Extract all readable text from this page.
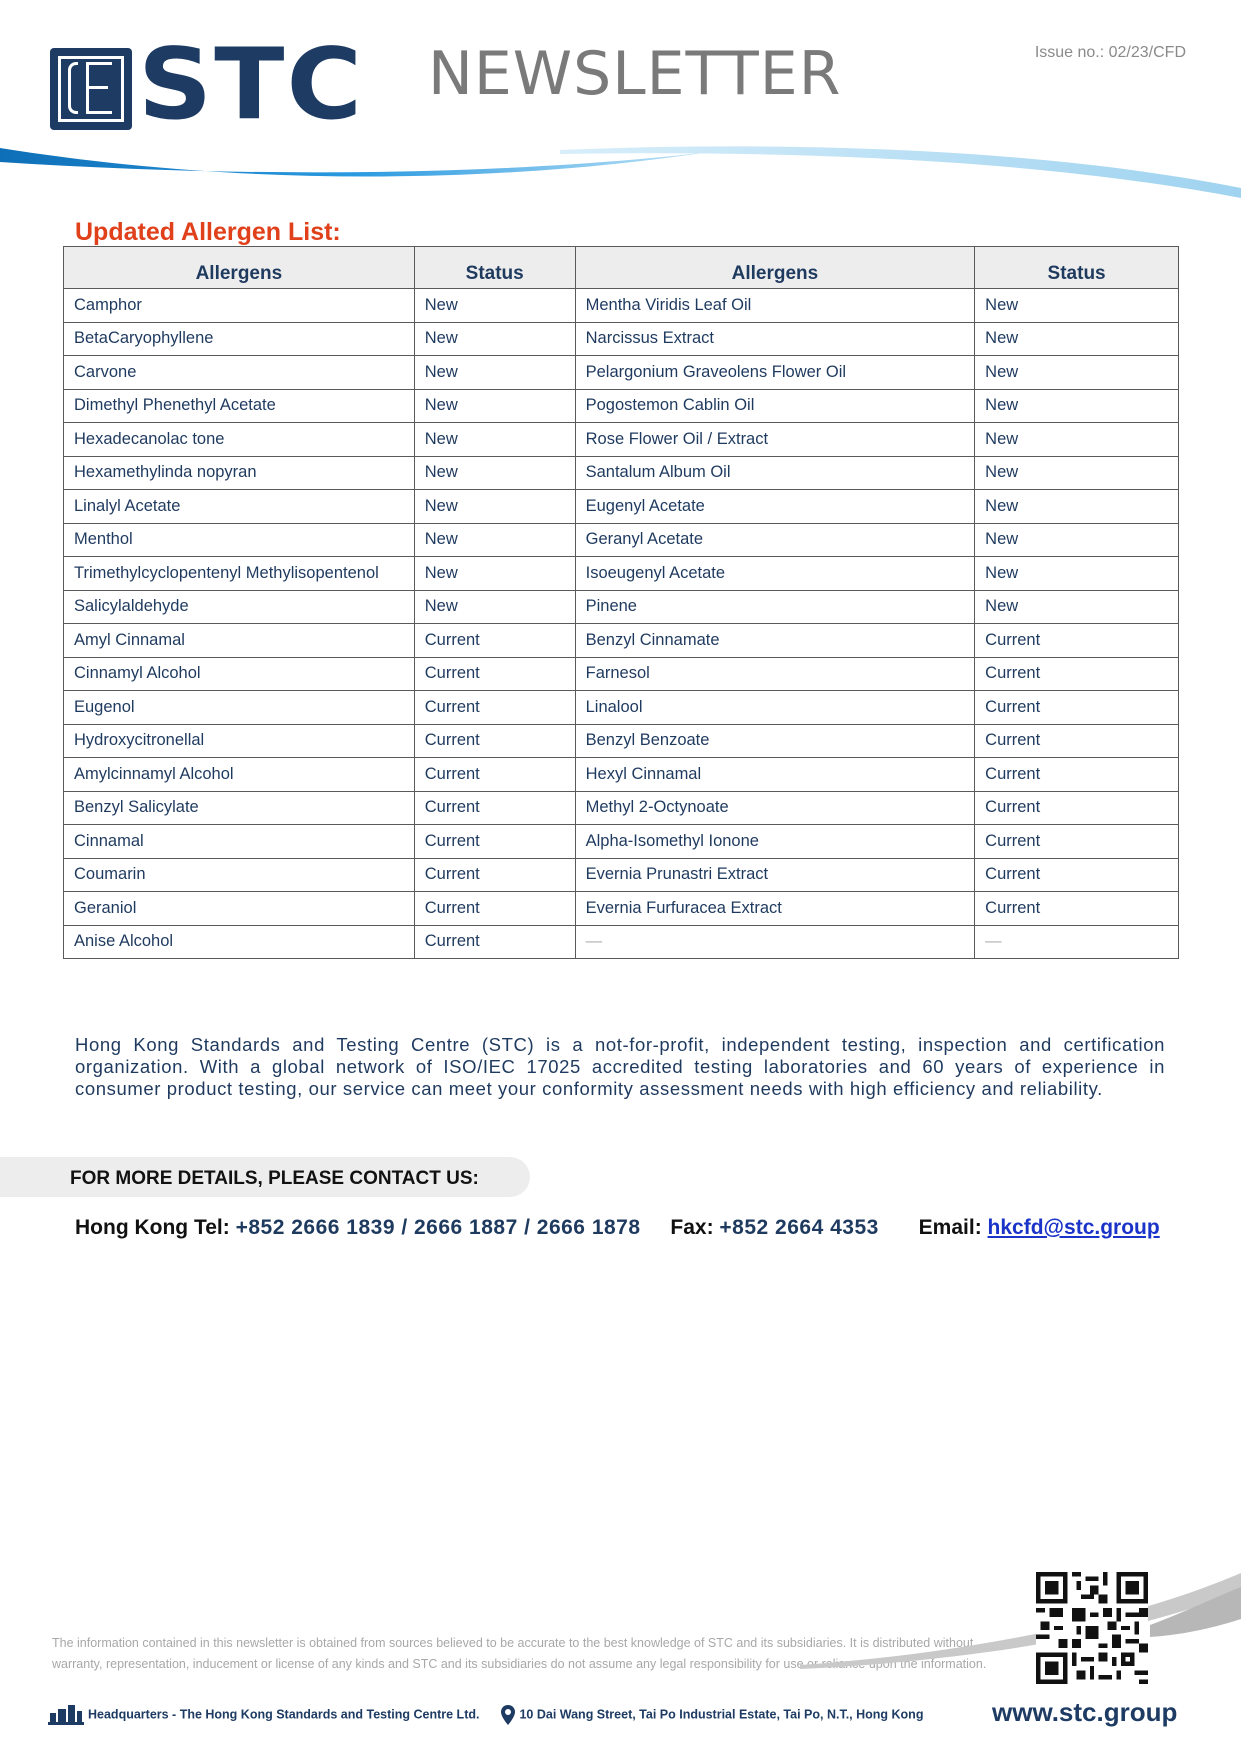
STC NEWSLETTER	Issue no.: 02/23/CFD
Updated Allergen List:
Allergens	Status	Allergens	Status
Camphor	New	Mentha Viridis Leaf Oil	New
BetaCaryophyllene	New	Narcissus Extract	New
Carvone	New	Pelargonium Graveolens Flower Oil	New
Dimethyl Phenethyl Acetate	New	Pogostemon Cablin Oil	New
Hexadecanolac tone	New	Rose Flower Oil / Extract	New
Hexamethylinda nopyran	New	Santalum Album Oil	New
Linalyl Acetate	New	Eugenyl Acetate	New
Menthol	New	Geranyl Acetate	New
Trimethylcyclopentenyl Methylisopentenol	New	Isoeugenyl Acetate	New
Salicylaldehyde	New	Pinene	New
Amyl Cinnamal	Current	Benzyl Cinnamate	Current
Cinnamyl Alcohol	Current	Farnesol	Current
Eugenol	Current	Linalool	Current
Hydroxycitronellal	Current	Benzyl Benzoate	Current
Amylcinnamyl Alcohol	Current	Hexyl Cinnamal	Current
Benzyl Salicylate	Current	Methyl 2-Octynoate	Current
Cinnamal	Current	Alpha-Isomethyl Ionone	Current
Coumarin	Current	Evernia Prunastri Extract	Current
Geraniol	Current	Evernia Furfuracea Extract	Current
Anise Alcohol	Current	—	—
Hong Kong Standards and Testing Centre (STC) is a not-for-profit, independent testing, inspection and certification organization. With a global network of ISO/IEC 17025 accredited testing laboratories and 60 years of experience in consumer product testing, our service can meet your conformity assessment needs with high efficiency and reliability.
FOR MORE DETAILS, PLEASE CONTACT US:
Hong Kong Tel: +852 2666 1839 / 2666 1887 / 2666 1878 Fax: +852 2664 4353 Email: hkcfd@stc.group
The information contained in this newsletter is obtained from sources believed to be accurate to the best knowledge of STC and its subsidiaries. It is distributed without warranty, representation, inducement or license of any kinds and STC and its subsidiaries do not assume any legal responsibility for use or reliance upon the information.
Headquarters - The Hong Kong Standards and Testing Centre Ltd.	10 Dai Wang Street, Tai Po Industrial Estate, Tai Po, N.T., Hong Kong	www.stc.group
